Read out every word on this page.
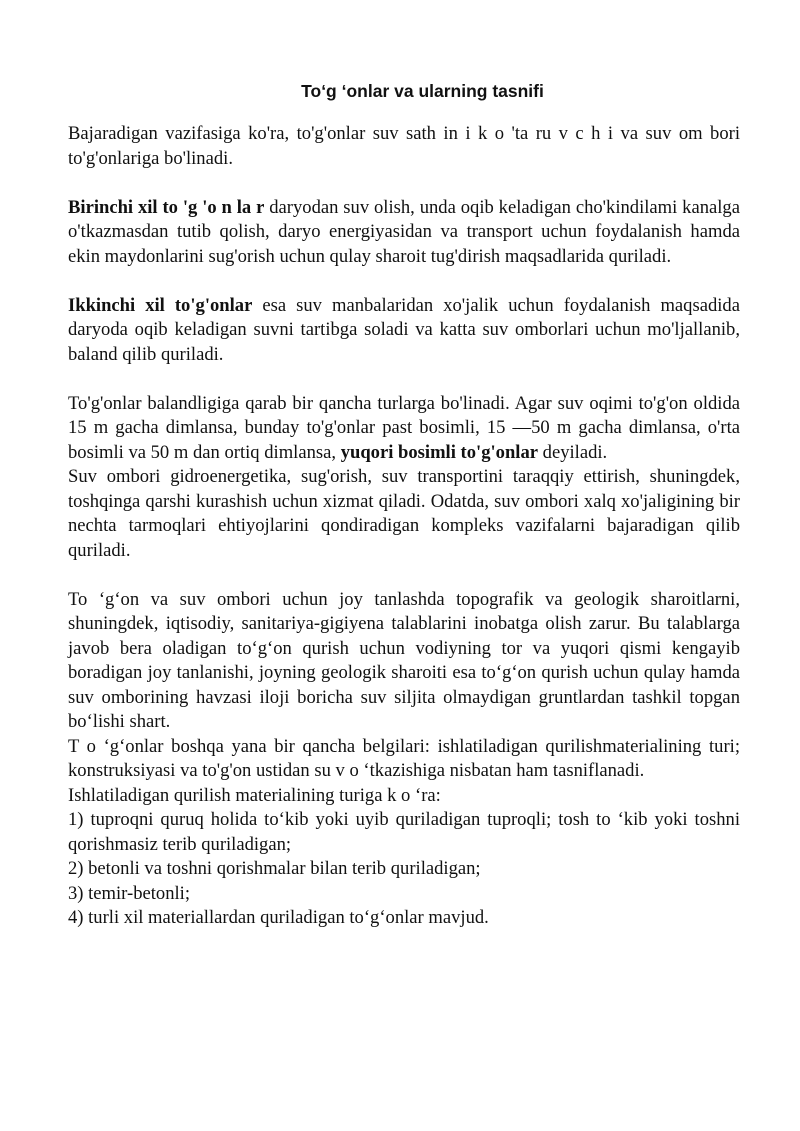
To‘g ‘onlar va ularning tasnifi

Bajaradigan vazifasiga ko'ra, to'g'onlar suv sath in i k o 'ta ru v c h i va suv om bori to'g'onlariga bo'linadi.

Birinchi xil to 'g 'o n la r daryodan suv olish, unda oqib keladigan cho'kindilami kanalga o'tkazmasdan tutib qolish, daryo energiyasidan va transport uchun foydalanish hamda ekin maydonlarini sug'orish uchun qulay sharoit tug'dirish maqsadlarida quriladi.

Ikkinchi xil to'g'onlar esa suv manbalaridan xo'jalik uchun foydalanish maqsadida daryoda oqib keladigan suvni tartibga soladi va katta suv omborlari uchun mo'ljallanib, baland qilib quriladi.

To'g'onlar balandligiga qarab bir qancha turlarga bo'linadi. Agar suv oqimi to'g'on oldida 15 m gacha dimlansa, bunday to'g'onlar past bosimli, 15 —50 m gacha dimlansa, o'rta bosimli va 50 m dan ortiq dimlansa, yuqori bosimli to'g'onlar deyiladi.

Suv ombori gidroenergetika, sug'orish, suv transportini taraqqiy ettirish, shuningdek, toshqinga qarshi kurashish uchun xizmat qiladi. Odatda, suv ombori xalq xo'jaligining bir nechta tarmoqlari ehtiyojlarini qondiradigan kompleks vazifalarni bajaradigan qilib quriladi.

To ‘g‘on va suv ombori uchun joy tanlashda topografik va geologik sharoitlarni, shuningdek, iqtisodiy, sanitariya-gigiyena talablarini inobatga olish zarur. Bu talablarga javob bera oladigan to‘g‘on qurish uchun vodiyning tor va yuqori qismi kengayib boradigan joy tanlanishi, joyning geologik sharoiti esa to‘g‘on qurish uchun qulay hamda suv omborining havzasi iloji boricha suv siljita olmaydigan gruntlardan tashkil topgan bo‘lishi shart.

T o ‘g‘onlar boshqa yana bir qancha belgilari: ishlatiladigan qurilishmaterialining turi; konstruksiyasi va to'g'on ustidan su v o ‘tkazishiga nisbatan ham tasniflanadi.

Ishlatiladigan qurilish materialining turiga k o ‘ra:

1) tuproqni quruq holida to‘kib yoki uyib quriladigan tuproqli; tosh to ‘kib yoki toshni qorishmasiz terib quriladigan;

2) betonli va toshni qorishmalar bilan terib quriladigan;

3) temir-betonli;

4) turli xil materiallardan quriladigan to‘g‘onlar mavjud.
